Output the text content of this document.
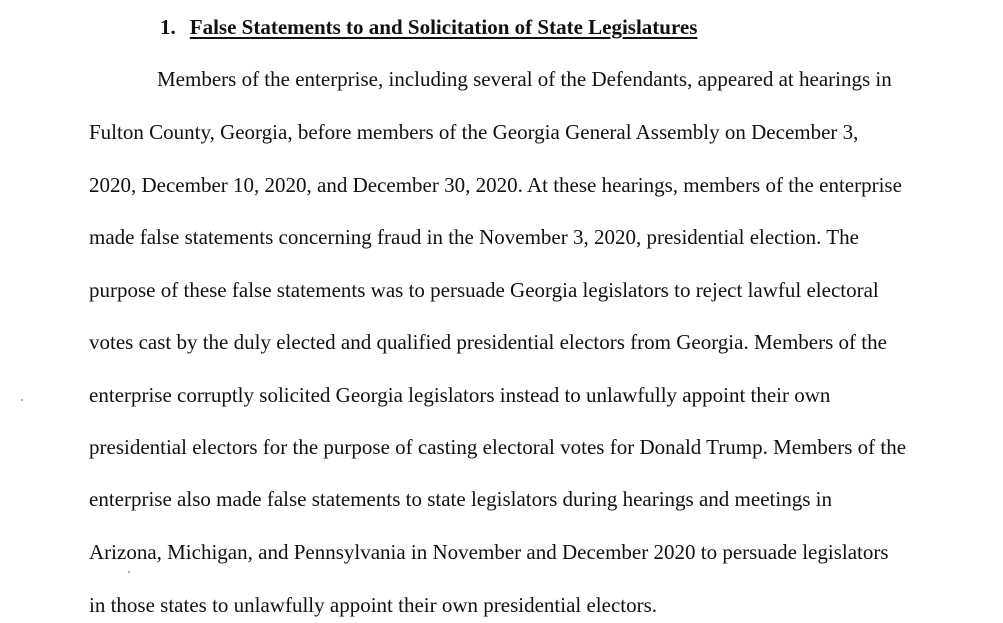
1. False Statements to and Solicitation of State Legislatures
Members of the enterprise, including several of the Defendants, appeared at hearings in
Fulton County, Georgia, before members of the Georgia General Assembly on December 3,
2020, December 10, 2020, and December 30, 2020. At these hearings, members of the enterprise
made false statements concerning fraud in the November 3, 2020, presidential election. The
purpose of these false statements was to persuade Georgia legislators to reject lawful electoral
votes cast by the duly elected and qualified presidential electors from Georgia. Members of the
enterprise corruptly solicited Georgia legislators instead to unlawfully appoint their own
presidential electors for the purpose of casting electoral votes for Donald Trump. Members of the
enterprise also made false statements to state legislators during hearings and meetings in
Arizona, Michigan, and Pennsylvania in November and December 2020 to persuade legislators
in those states to unlawfully appoint their own presidential electors.
